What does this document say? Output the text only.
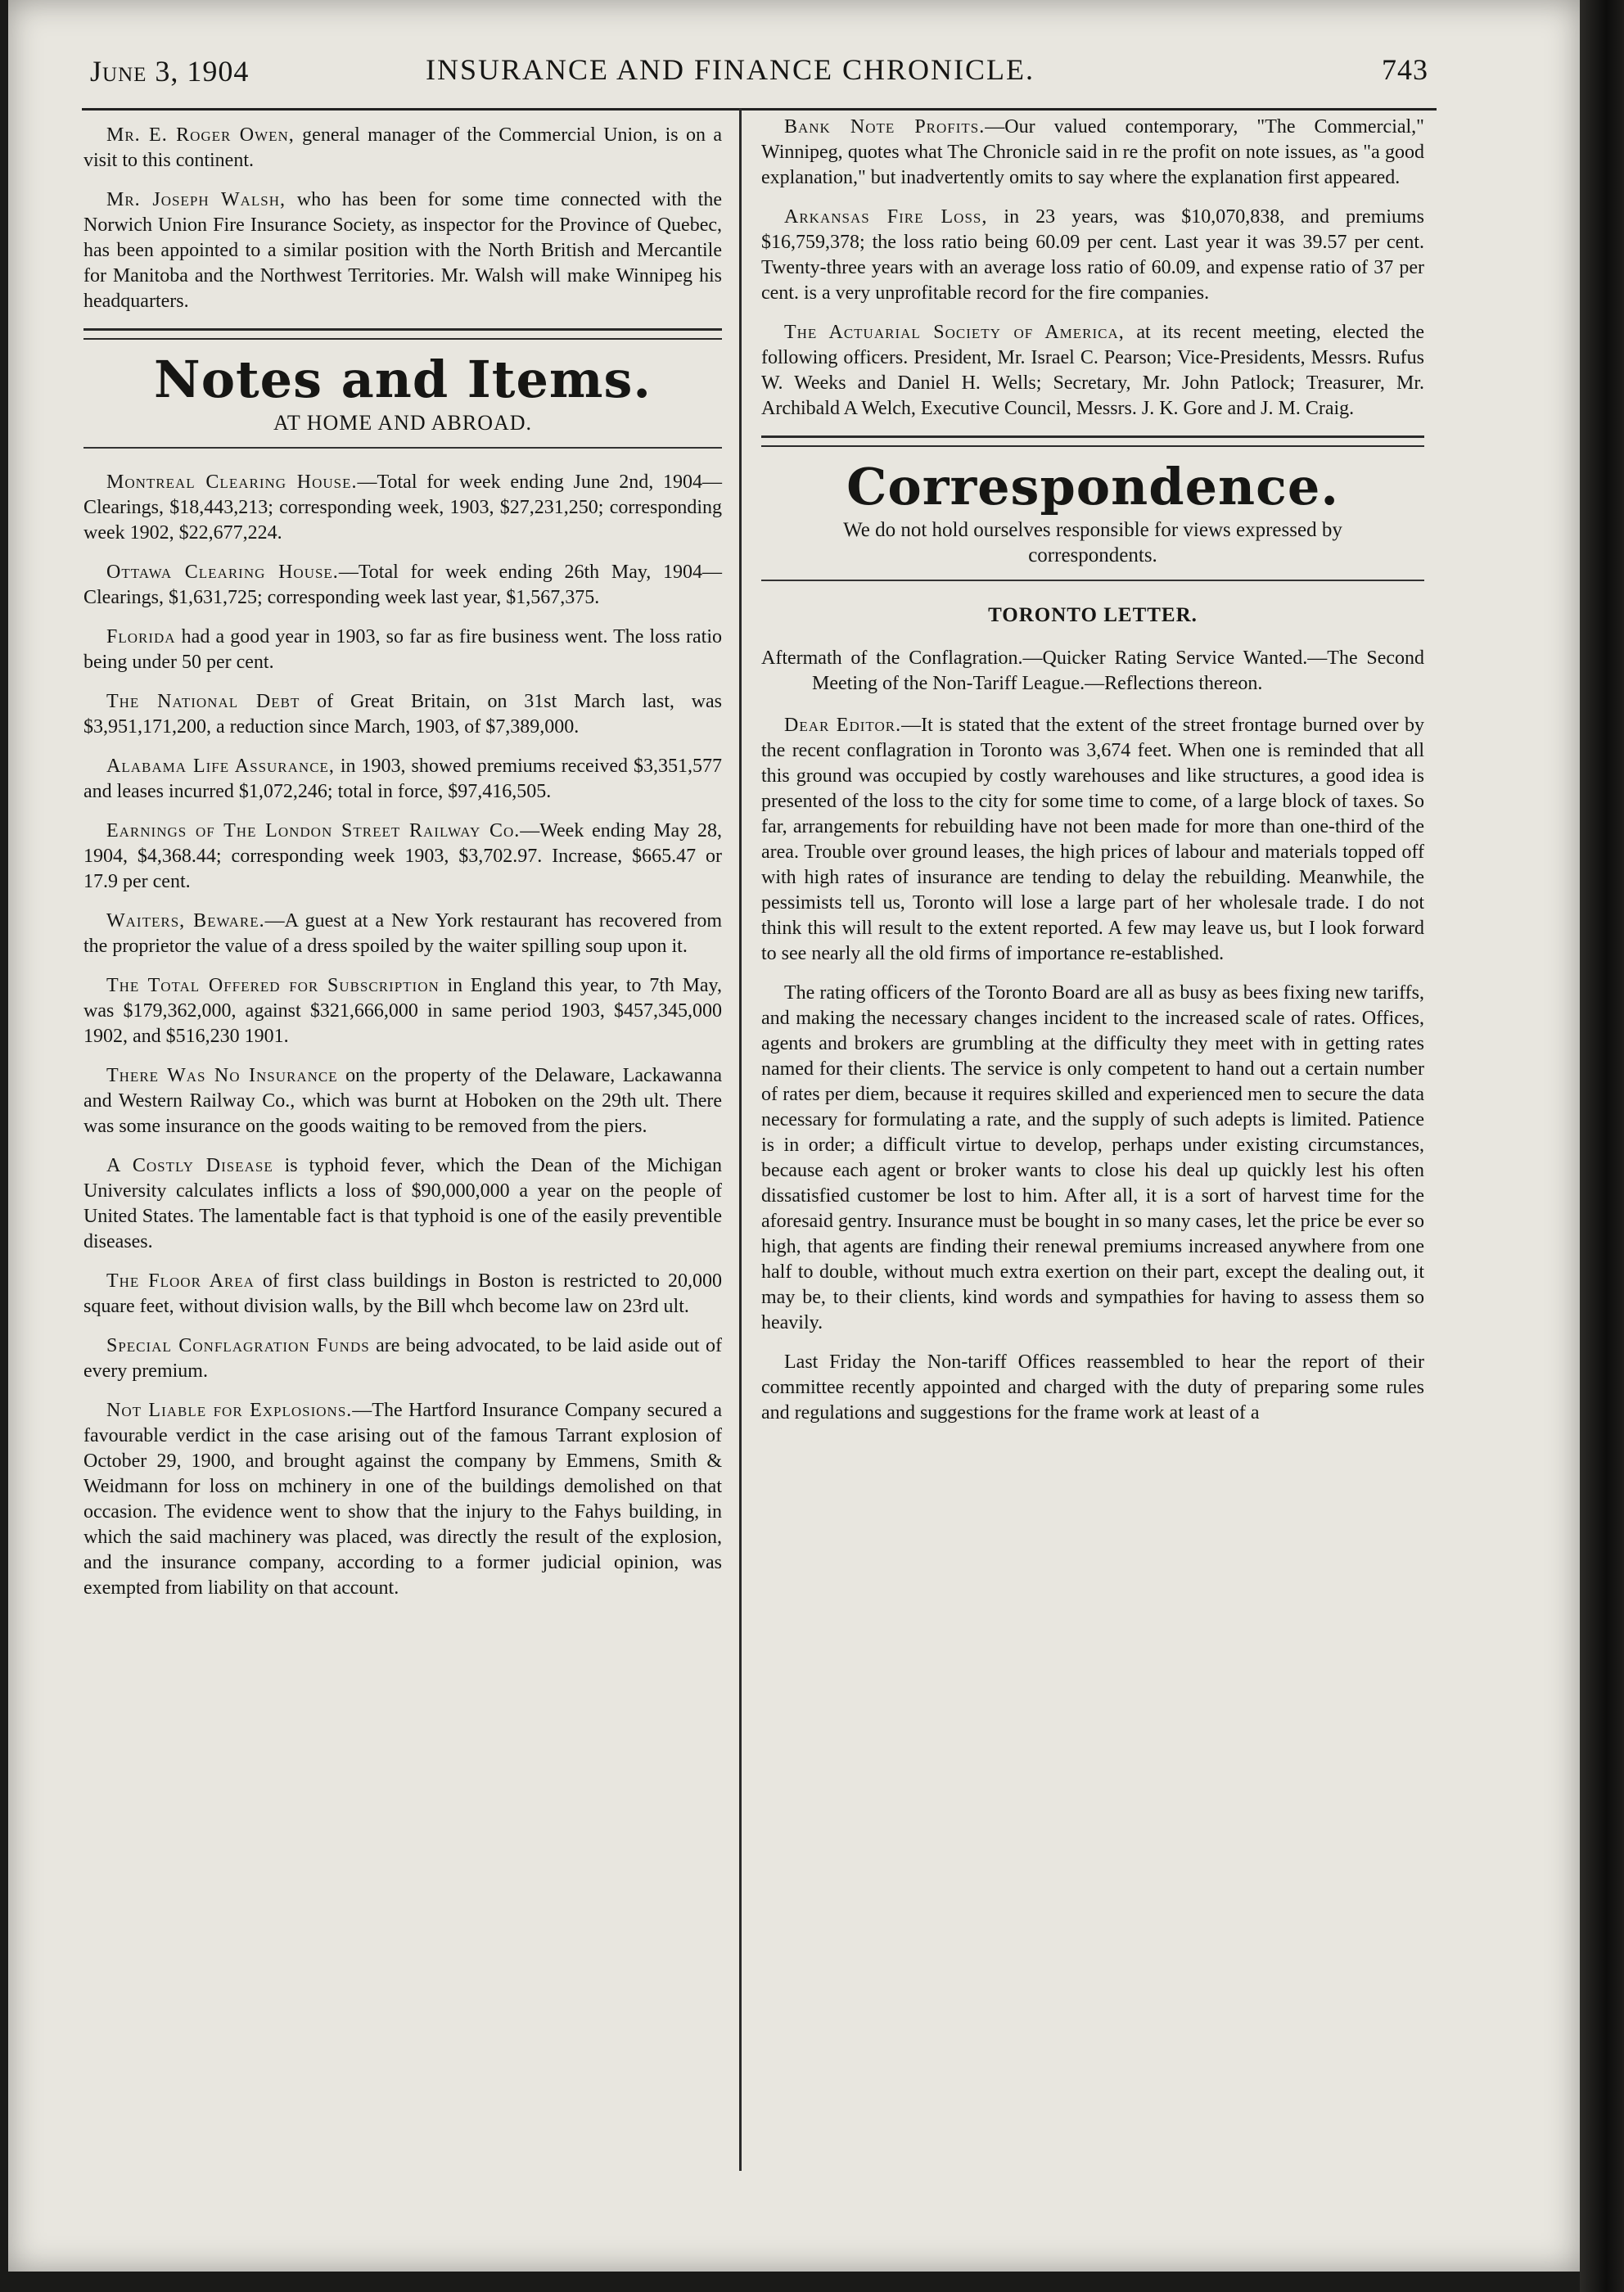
June 3, 1904	INSURANCE AND FINANCE CHRONICLE.	743

Mr. E. Roger Owen, general manager of the Commercial Union, is on a visit to this continent.

Mr. Joseph Walsh, who has been for some time connected with the Norwich Union Fire Insurance Society, as inspector for the Province of Quebec, has been appointed to a similar position with the North British and Mercantile for Manitoba and the Northwest Territories. Mr. Walsh will make Winnipeg his headquarters.

Notes and Items.
AT HOME AND ABROAD.

Montreal Clearing House.—Total for week ending June 2nd, 1904—Clearings, $18,443,213; corresponding week, 1903, $27,231,250; corresponding week 1902, $22,677,224.

Ottawa Clearing House.—Total for week ending 26th May, 1904—Clearings, $1,631,725; corresponding week last year, $1,567,375.

Florida had a good year in 1903, so far as fire business went. The loss ratio being under 50 per cent.

The National Debt of Great Britain, on 31st March last, was $3,951,171,200, a reduction since March, 1903, of $7,389,000.

Alabama Life Assurance, in 1903, showed premiums received $3,351,577 and leases incurred $1,072,246; total in force, $97,416,505.

Earnings of The London Street Railway Co.—Week ending May 28, 1904, $4,368.44; corresponding week 1903, $3,702.97. Increase, $665.47 or 17.9 per cent.

Waiters, Beware.—A guest at a New York restaurant has recovered from the proprietor the value of a dress spoiled by the waiter spilling soup upon it.

The Total Offered for Subscription in England this year, to 7th May, was $179,362,000, against $321,666,000 in same period 1903, $457,345,000 1902, and $516,230 1901.

There Was No Insurance on the property of the Delaware, Lackawanna and Western Railway Co., which was burnt at Hoboken on the 29th ult. There was some insurance on the goods waiting to be removed from the piers.

A Costly Disease is typhoid fever, which the Dean of the Michigan University calculates inflicts a loss of $90,000,000 a year on the people of United States. The lamentable fact is that typhoid is one of the easily preventible diseases.

The Floor Area of first class buildings in Boston is restricted to 20,000 square feet, without division walls, by the Bill whch become law on 23rd ult.

Special Conflagration Funds are being advocated, to be laid aside out of every premium.

Not Liable for Explosions.—The Hartford Insurance Company secured a favourable verdict in the case arising out of the famous Tarrant explosion of October 29, 1900, and brought against the company by Emmens, Smith & Weidmann for loss on mchinery in one of the buildings demolished on that occasion. The evidence went to show that the injury to the Fahys building, in which the said machinery was placed, was directly the result of the explosion, and the insurance company, according to a former judicial opinion, was exempted from liability on that account.

Bank Note Profits.—Our valued contemporary, "The Commercial," Winnipeg, quotes what The Chronicle said in re the profit on note issues, as "a good explanation," but inadvertently omits to say where the explanation first appeared.

Arkansas Fire Loss, in 23 years, was $10,070,838, and premiums $16,759,378; the loss ratio being 60.09 per cent. Last year it was 39.57 per cent. Twenty-three years with an average loss ratio of 60.09, and expense ratio of 37 per cent. is a very unprofitable record for the fire companies.

The Actuarial Society of America, at its recent meeting, elected the following officers. President, Mr. Israel C. Pearson; Vice-Presidents, Messrs. Rufus W. Weeks and Daniel H. Wells; Secretary, Mr. John Patlock; Treasurer, Mr. Archibald A Welch, Executive Council, Messrs. J. K. Gore and J. M. Craig.

Correspondence.
We do not hold ourselves responsible for views expressed by correspondents.
TORONTO LETTER.

Aftermath of the Conflagration.—Quicker Rating Service Wanted.—The Second Meeting of the Non-Tariff League.—Reflections thereon.

Dear Editor.—It is stated that the extent of the street frontage burned over by the recent conflagration in Toronto was 3,674 feet. When one is reminded that all this ground was occupied by costly warehouses and like structures, a good idea is presented of the loss to the city for some time to come, of a large block of taxes. So far, arrangements for rebuilding have not been made for more than one-third of the area. Trouble over ground leases, the high prices of labour and materials topped off with high rates of insurance are tending to delay the rebuilding. Meanwhile, the pessimists tell us, Toronto will lose a large part of her wholesale trade. I do not think this will result to the extent reported. A few may leave us, but I look forward to see nearly all the old firms of importance re-established.

The rating officers of the Toronto Board are all as busy as bees fixing new tariffs, and making the necessary changes incident to the increased scale of rates. Offices, agents and brokers are grumbling at the difficulty they meet with in getting rates named for their clients. The service is only competent to hand out a certain number of rates per diem, because it requires skilled and experienced men to secure the data necessary for formulating a rate, and the supply of such adepts is limited. Patience is in order; a difficult virtue to develop, perhaps under existing circumstances, because each agent or broker wants to close his deal up quickly lest his often dissatisfied customer be lost to him. After all, it is a sort of harvest time for the aforesaid gentry. Insurance must be bought in so many cases, let the price be ever so high, that agents are finding their renewal premiums increased anywhere from one half to double, without much extra exertion on their part, except the dealing out, it may be, to their clients, kind words and sympathies for having to assess them so heavily.

Last Friday the Non-tariff Offices reassembled to hear the report of their committee recently appointed and charged with the duty of preparing some rules and regulations and suggestions for the frame work at least of a
